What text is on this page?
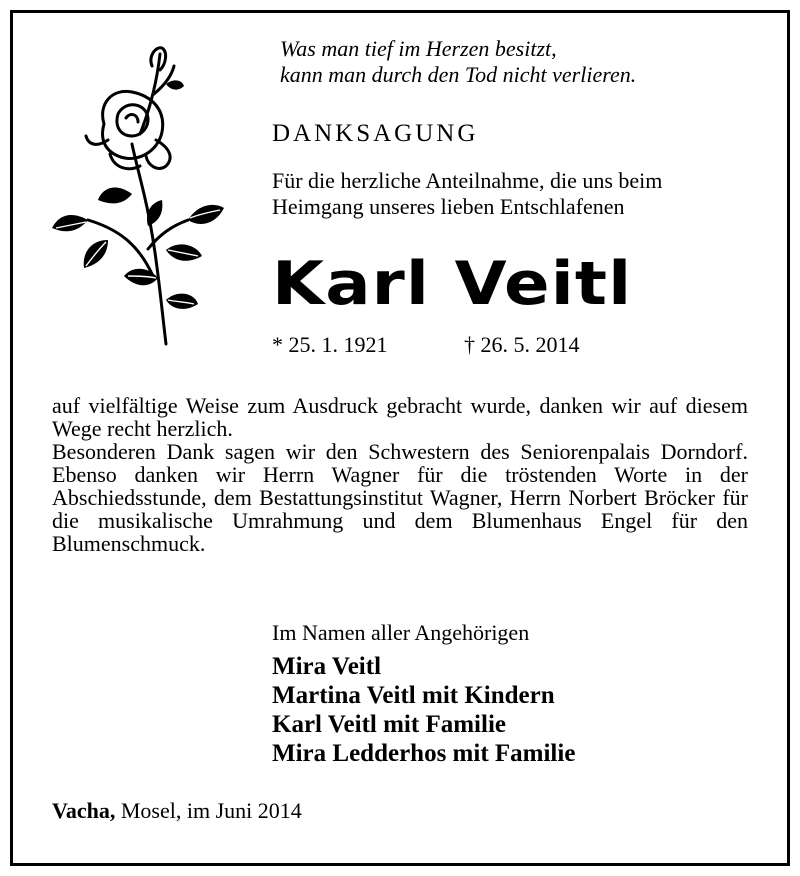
Was man tief im Herzen besitzt,
kann man durch den Tod nicht verlieren.
DANKSAGUNG
Für die herzliche Anteilnahme, die uns beim
Heimgang unseres lieben Entschlafenen
Karl Veitl
* 25. 1. 1921	† 26. 5. 2014

auf vielfältige Weise zum Ausdruck gebracht wurde, danken wir auf diesem Wege recht herzlich.

Besonderen Dank sagen wir den Schwestern des Seniorenpalais Dorndorf. Ebenso danken wir Herrn Wagner für die tröstenden Worte in der Abschiedsstunde, dem Bestattungsinstitut Wagner, Herrn Norbert Bröcker für die musikalische Umrahmung und dem Blumenhaus Engel für den Blumenschmuck.

Im Namen aller Angehörigen
Mira Veitl
Martina Veitl mit Kindern
Karl Veitl mit Familie
Mira Ledderhos mit Familie
Vacha, Mosel, im Juni 2014
